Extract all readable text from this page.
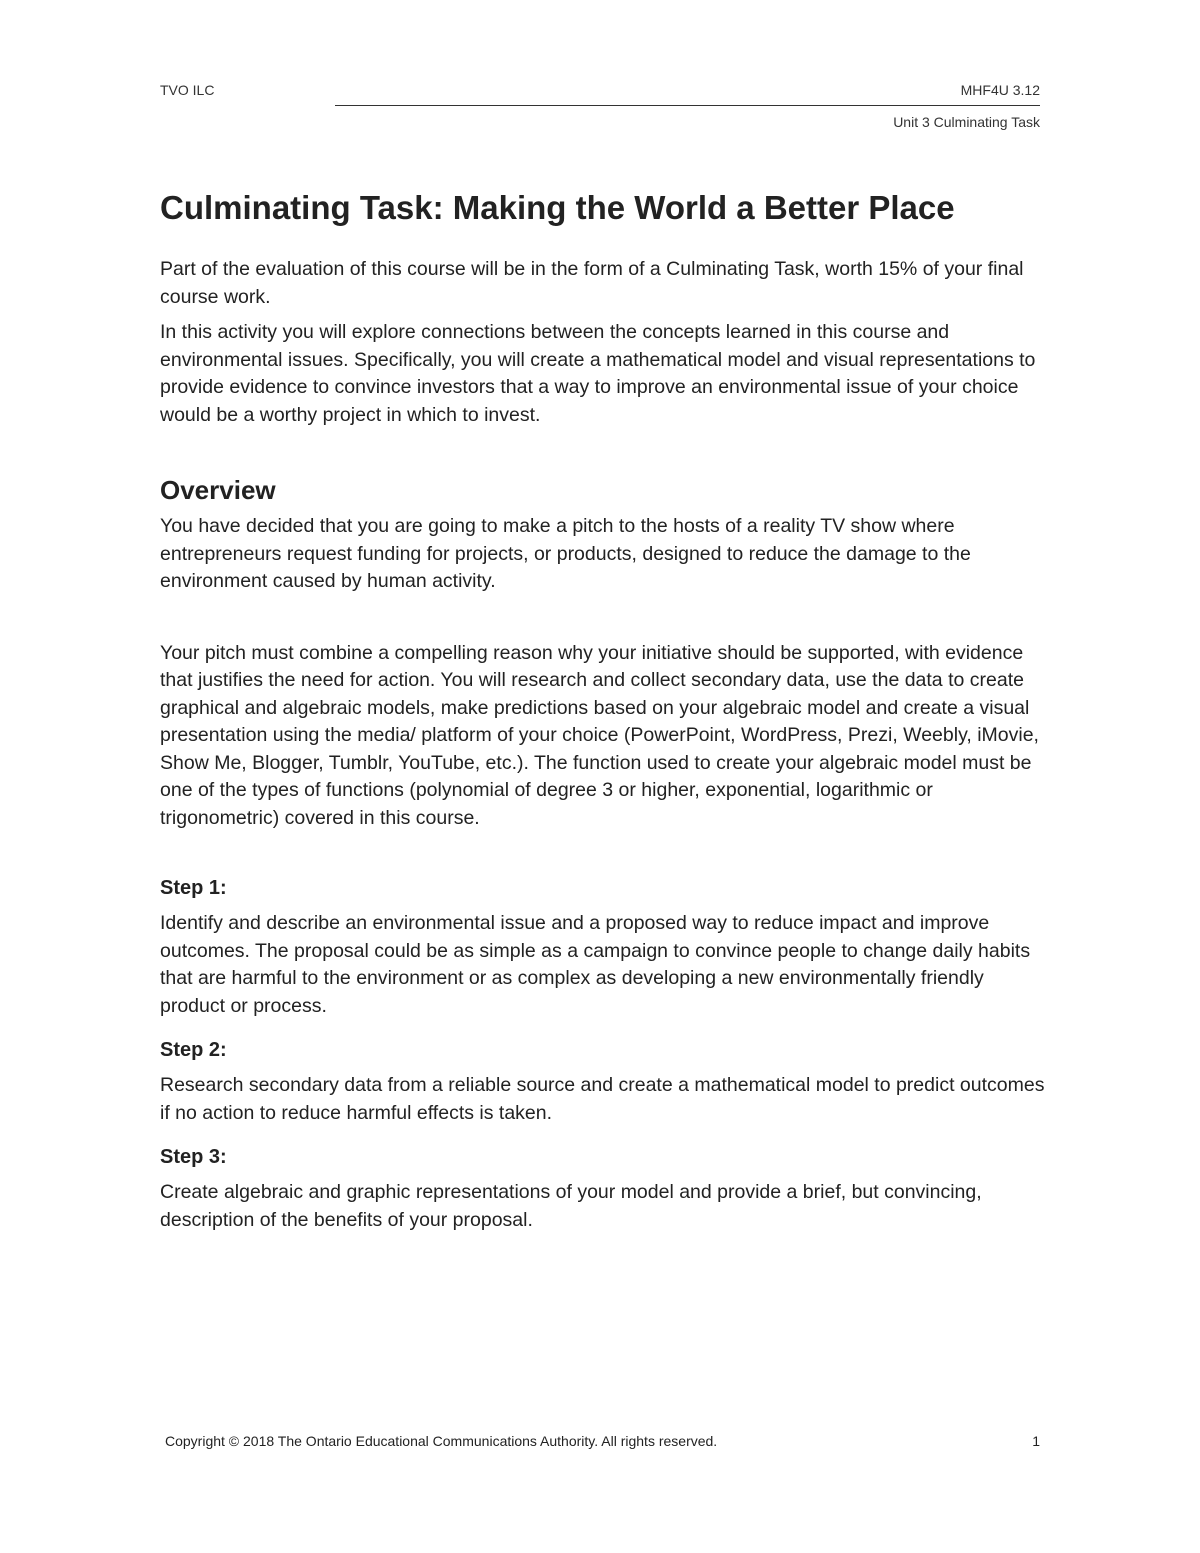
TVO ILC	MHF4U 3.12
Unit 3 Culminating Task
Culminating Task: Making the World a Better Place

Part of the evaluation of this course will be in the form of a Culminating Task, worth 15% of your final course work.

In this activity you will explore connections between the concepts learned in this course and environmental issues. Specifically, you will create a mathematical model and visual representations to provide evidence to convince investors that a way to improve an environmental issue of your choice would be a worthy project in which to invest.

Overview

You have decided that you are going to make a pitch to the hosts of a reality TV show where entrepreneurs request funding for projects, or products, designed to reduce the damage to the environment caused by human activity.

Your pitch must combine a compelling reason why your initiative should be supported, with evidence that justifies the need for action. You will research and collect secondary data, use the data to create graphical and algebraic models, make predictions based on your algebraic model and create a visual presentation using the media/ platform of your choice (PowerPoint, WordPress, Prezi, Weebly, iMovie, Show Me, Blogger, Tumblr, YouTube, etc.). The function used to create your algebraic model must be one of the types of functions (polynomial of degree 3 or higher, exponential, logarithmic or trigonometric) covered in this course.

Step 1:

Identify and describe an environmental issue and a proposed way to reduce impact and improve outcomes. The proposal could be as simple as a campaign to convince people to change daily habits that are harmful to the environment or as complex as developing a new environmentally friendly product or process.

Step 2:

Research secondary data from a reliable source and create a mathematical model to predict outcomes if no action to reduce harmful effects is taken.

Step 3:

Create algebraic and graphic representations of your model and provide a brief, but convincing, description of the benefits of your proposal.

Copyright © 2018 The Ontario Educational Communications Authority. All rights reserved.	1
